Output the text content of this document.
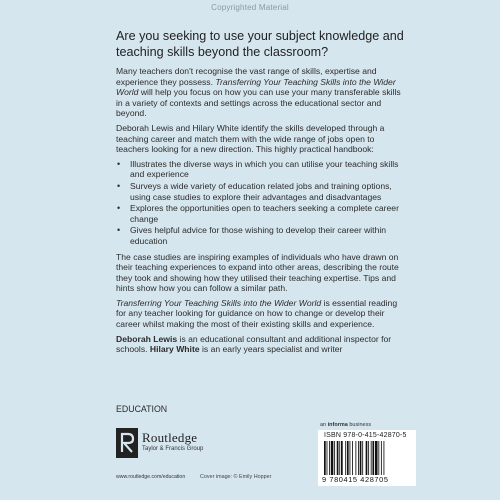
Copyrighted Material

Are you seeking to use your subject knowledge and teaching skills beyond the classroom?

Many teachers don't recognise the vast range of skills, expertise and experience they possess. Transferring Your Teaching Skills into the Wider World will help you focus on how you can use your many transferable skills in a variety of contexts and settings across the educational sector and beyond.

Deborah Lewis and Hilary White identify the skills developed through a teaching career and match them with the wide range of jobs open to teachers looking for a new direction. This highly practical handbook:

• Illustrates the diverse ways in which you can utilise your teaching skills and experience
• Surveys a wide variety of education related jobs and training options, using case studies to explore their advantages and disadvantages
• Explores the opportunities open to teachers seeking a complete career change
• Gives helpful advice for those wishing to develop their career within education

The case studies are inspiring examples of individuals who have drawn on their teaching experiences to expand into other areas, describing the route they took and showing how they utilised their teaching expertise. Tips and hints show how you can follow a similar path.

Transferring Your Teaching Skills into the Wider World is essential reading for any teacher looking for guidance on how to change or develop their career whilst making the most of their existing skills and experience.

Deborah Lewis is an educational consultant and additional inspector for schools. Hilary White is an early years specialist and writer

EDUCATION
an informa business
Routledge
Taylor & Francis Group
www.routledge.com/education	Cover image: © Emily Hopper
ISBN 978-0-415-42870-5
9 780415 428705
